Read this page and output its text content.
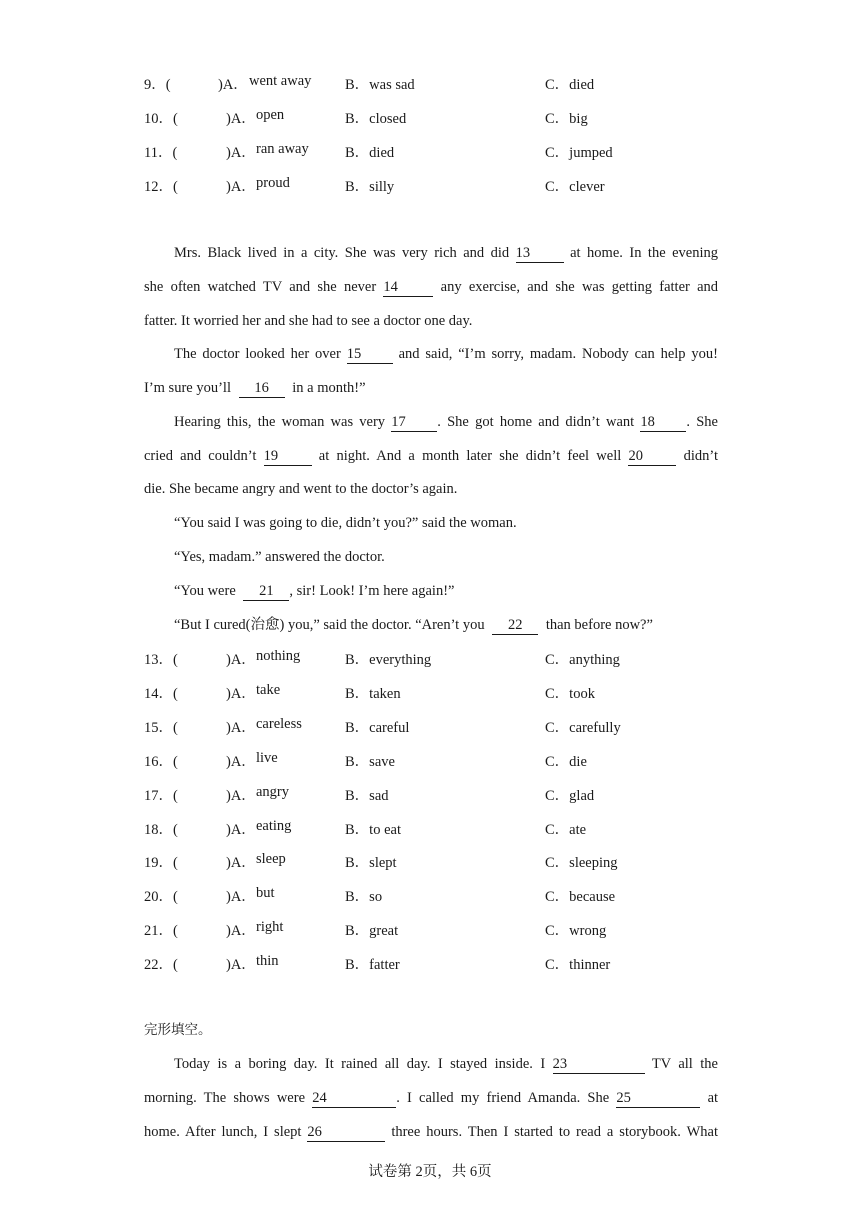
9．(	)A． went away B．was sad	C．died
10．(	)A． open	B．closed	C．big
11．(	)A． ran away	B．died	C．jumped
12．(	)A． proud	B．silly	C．clever
Mrs. Black lived in a city. She was very rich and did 13	at home. In the evening
she often watched TV and she never 14	any exercise, and she was getting fatter and
fatter. It worried her and she had to see a doctor one day.
The doctor looked her over 15	and said, “I’m sorry, madam. Nobody can help you!
I’m sure you’ll 16 in a month!”
Hearing this, the woman was very 17 . She got home and didn’t want 18 . She
cried and couldn’t 19	at night. And a month later she didn’t feel well 20	didn’t
die. She became angry and went to the doctor’s again.
“You said I was going to die, didn’t you?” said the woman.
“Yes, madam.” answered the doctor.
“You were 21 , sir! Look! I’m here again!”
“But I cured(治愈) you,” said the doctor. “Aren’t you 22 than before now?”
13．(	)A． nothing	B．everything	C．anything
14．(	)A． take	B．taken	C．took
15．(	)A． careless	B．careful	C．carefully
16．(	)A． live	B．save	C．die
17．(	)A． angry	B．sad	C．glad
18．(	)A． eating	B．to eat	C．ate
19．(	)A． sleep	B．slept	C．sleeping
20．(	)A． but	B．so	C．because
21．(	)A． right	B．great	C．wrong
22．(	)A． thin	B．fatter	C．thinner
完形填空。
Today is a boring day. It rained all day. I stayed inside. I 23	TV all the
morning. The shows were 24	. I called my friend Amanda. She 25	at
home. After lunch, I slept 26	three hours. Then I started to read a storybook. What
试卷第 2页，共 6页
